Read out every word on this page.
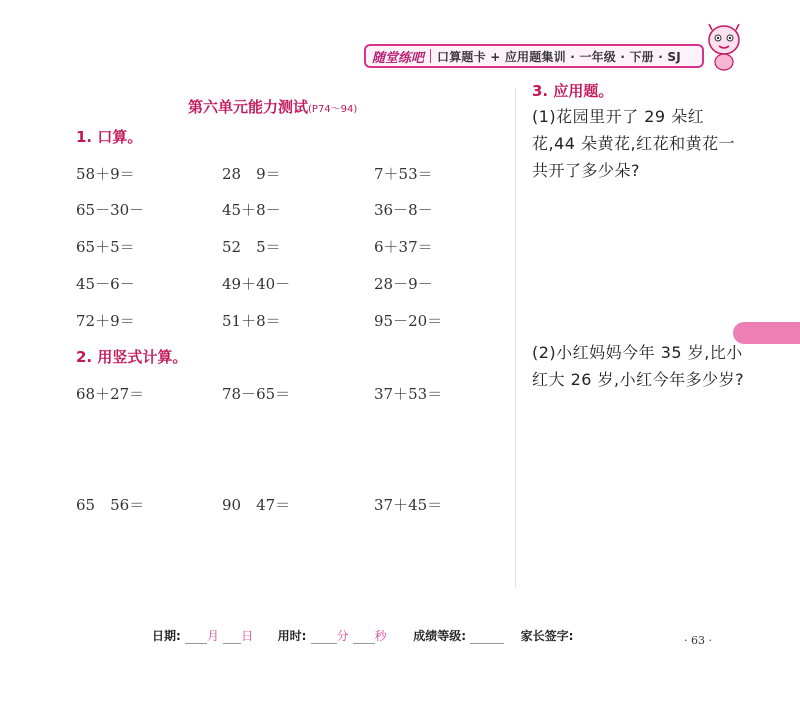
随堂练吧 口算题卡 + 应用题集训 · 一年级 · 下册 · SJ
第六单元能力测试(P74～94)
1. 口算。
58＋9＝	28　9＝	7＋53＝
65－30－	45＋8－	36－8－
65＋5＝	52　5＝	6＋37＝
45－6－	49＋40－	28－9－
72＋9＝	51＋8＝	95－20＝
2. 用竖式计算。
68＋27＝	78－65＝	37＋53＝
65　56＝	90　47＝	37＋45＝
3. 应用题。
(1)花园里开了 29 朵红花,44 朵黄花,红花和黄花一共开了多少朵?
(2)小红妈妈今年 35 岁,比小红大 26 岁,小红今年多少岁?
日期: 月 日 用时:	分 秒 成绩等级:	家长签字:	· 63 ·
